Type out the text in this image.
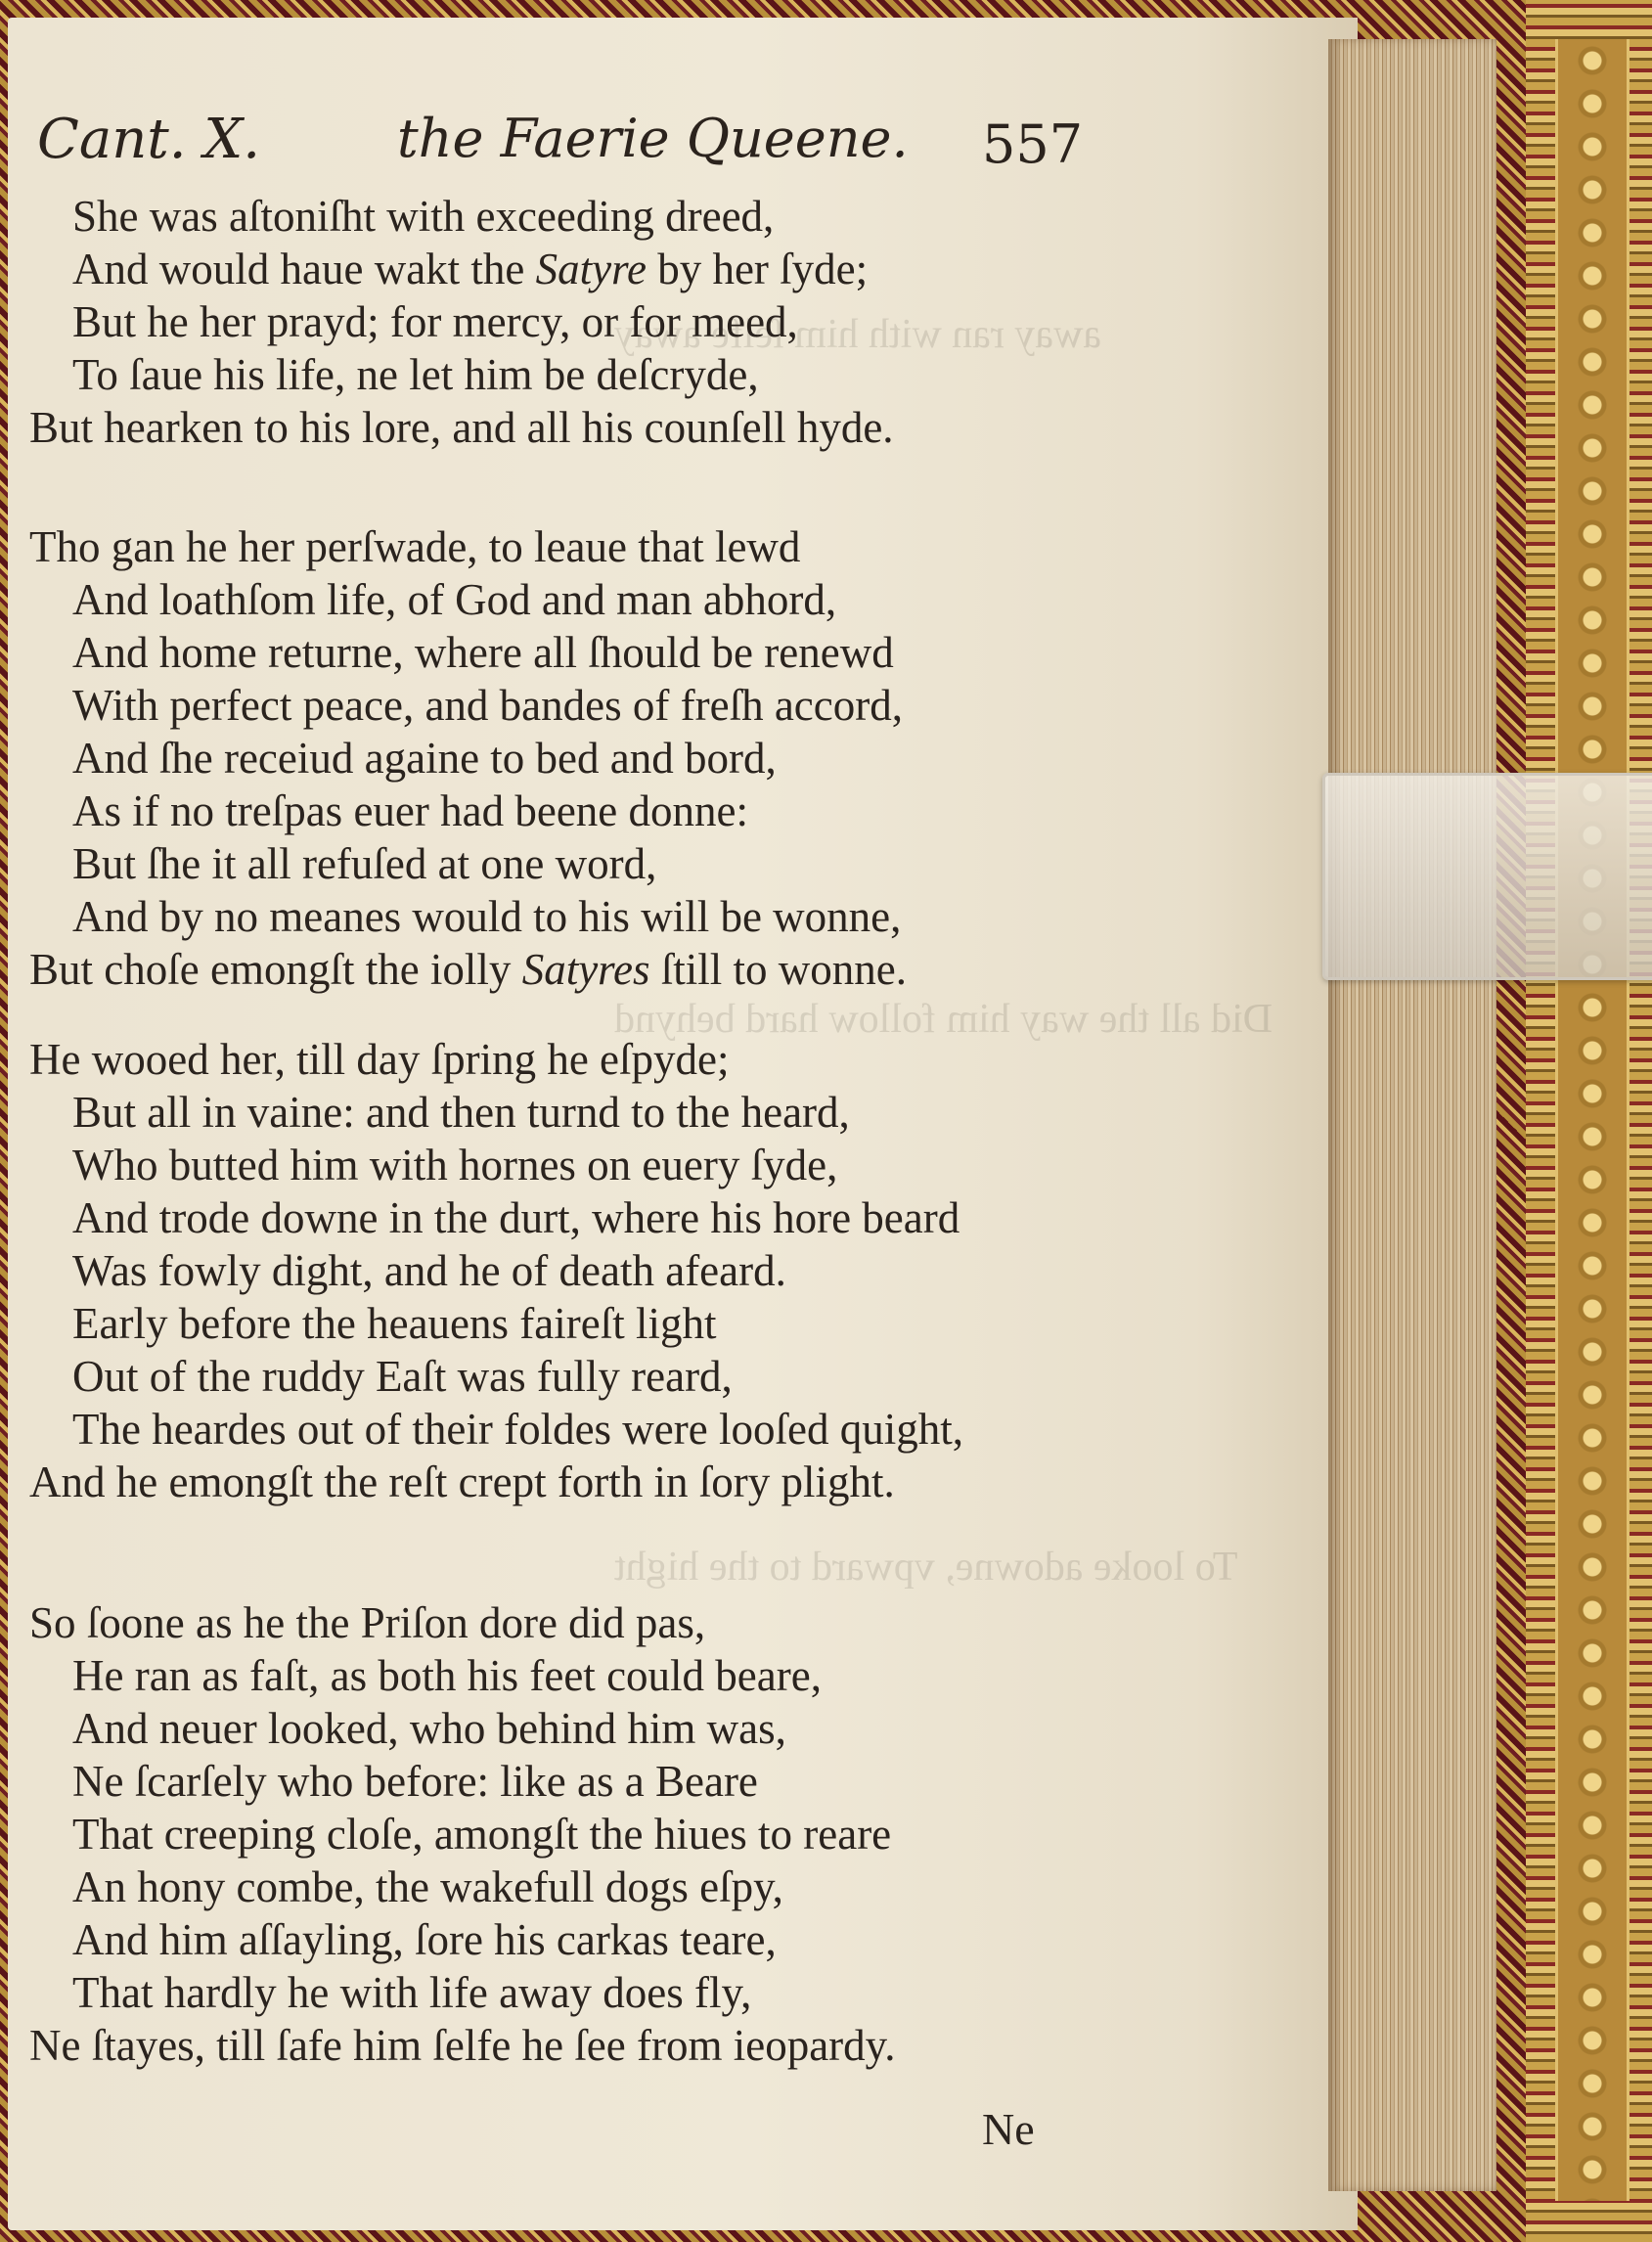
away ran with him ſelfe away
Did all the way him follow hard behynd
To looke adowne, vpward to the hight
Cant. X.	the Faerie Queene. 557
She was aſtoniſht with exceeding dreed,
And would haue wakt the Satyre by her ſyde;
But he her prayd; for mercy, or for meed,
To ſaue his life, ne let him be deſcryde,
But hearken to his lore, and all his counſell hyde.
Tho gan he her perſwade, to leaue that lewd
And loathſom life, of God and man abhord,
And home returne, where all ſhould be renewd
With perfect peace, and bandes of freſh accord,
And ſhe receiud againe to bed and bord,
As if no treſpas euer had beene donne:
But ſhe it all refuſed at one word,
And by no meanes would to his will be wonne,
But choſe emongſt the iolly Satyres ſtill to wonne.
He wooed her, till day ſpring he eſpyde;
But all in vaine: and then turnd to the heard,
Who butted him with hornes on euery ſyde,
And trode downe in the durt, where his hore beard
Was fowly dight, and he of death afeard.
Early before the heauens faireſt light
Out of the ruddy Eaſt was fully reard,
The heardes out of their foldes were looſed quight,
And he emongſt the reſt crept forth in ſory plight.
So ſoone as he the Priſon dore did pas,
He ran as faſt, as both his feet could beare,
And neuer looked, who behind him was,
Ne ſcarſely who before: like as a Beare
That creeping cloſe, amongſt the hiues to reare
An hony combe, the wakefull dogs eſpy,
And him aſſayling, ſore his carkas teare,
That hardly he with life away does fly,
Ne ſtayes, till ſafe him ſelfe he ſee from ieopardy.
Ne
